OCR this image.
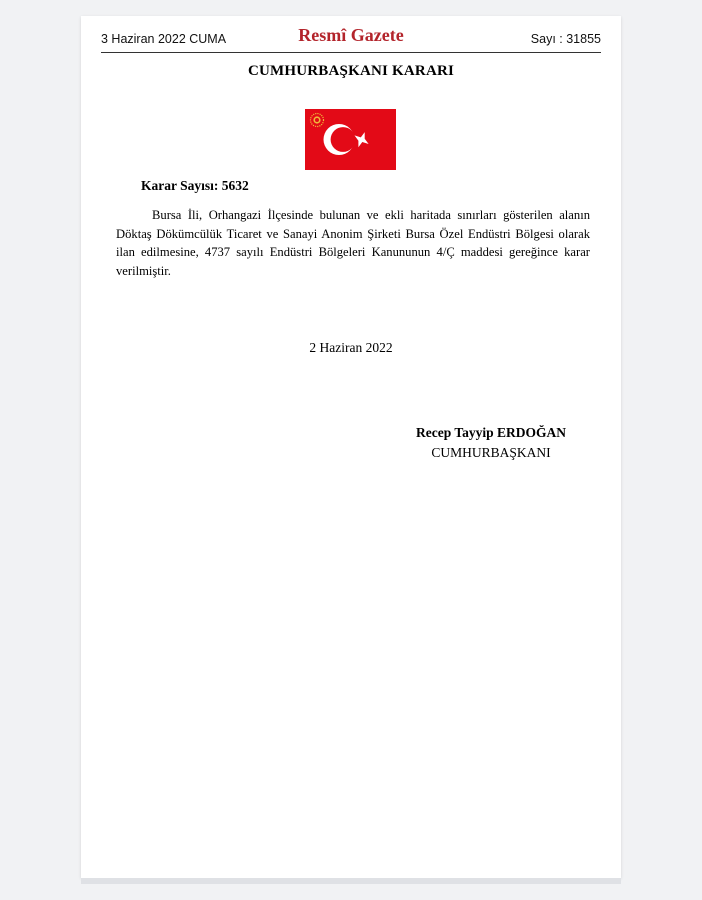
3 Haziran 2022 CUMA	Resmî Gazete	Sayı : 31855
CUMHURBAŞKANI KARARI
Karar Sayısı: 5632
Bursa İli, Orhangazi İlçesinde bulunan ve ekli haritada sınırları gösterilen alanın Döktaş Dökümcülük Ticaret ve Sanayi Anonim Şirketi Bursa Özel Endüstri Bölgesi olarak ilan edilmesine, 4737 sayılı Endüstri Bölgeleri Kanununun 4/Ç maddesi gereğince karar verilmiştir.
2 Haziran 2022
Recep Tayyip ERDOĞAN
CUMHURBAŞKANI
